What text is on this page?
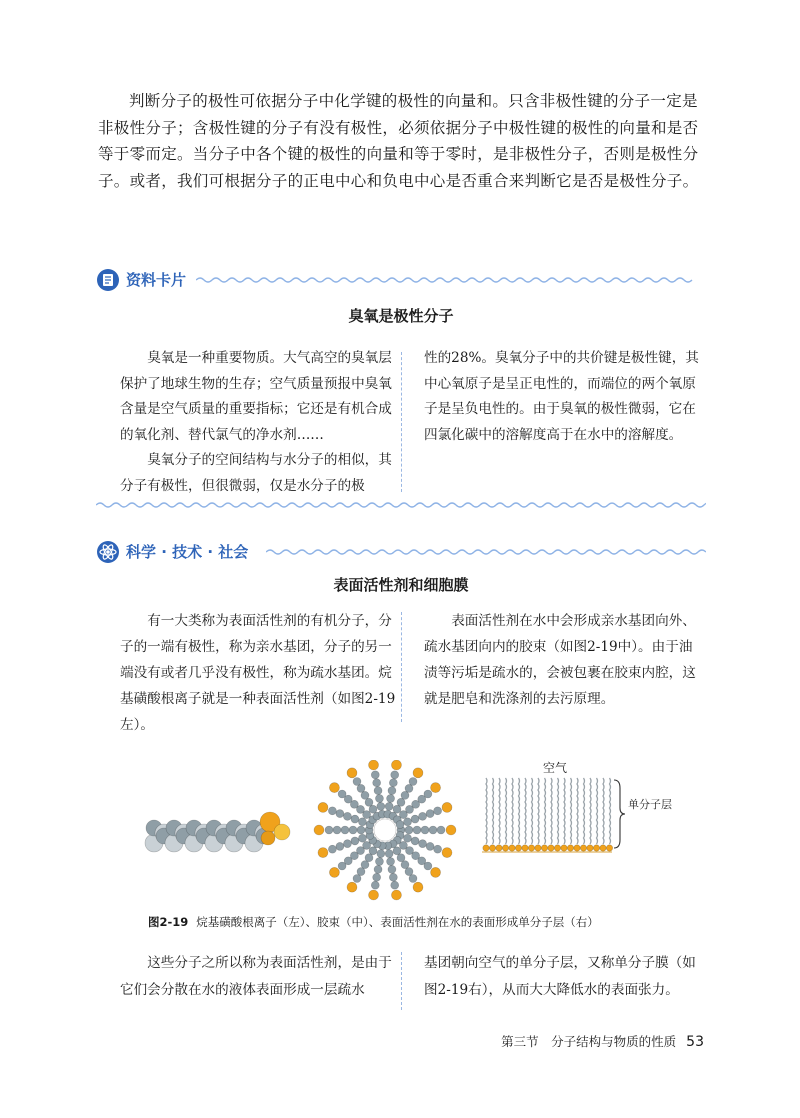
判断分子的极性可依据分子中化学键的极性的向量和。只含非极性键的分子一定是非极性分子；含极性键的分子有没有极性，必须依据分子中极性键的极性的向量和是否等于零而定。当分子中各个键的极性的向量和等于零时，是非极性分子，否则是极性分子。或者，我们可根据分子的正电中心和负电中心是否重合来判断它是否是极性分子。

资料卡片
臭氧是极性分子

臭氧是一种重要物质。大气高空的臭氧层保护了地球生物的生存；空气质量预报中臭氧含量是空气质量的重要指标；它还是有机合成的氧化剂、替代氯气的净水剂……

臭氧分子的空间结构与水分子的相似，其分子有极性，但很微弱，仅是水分子的极

性的28%。臭氧分子中的共价键是极性键，其中心氧原子是呈正电性的，而端位的两个氧原子是呈负电性的。由于臭氧的极性微弱，它在四氯化碳中的溶解度高于在水中的溶解度。

科学 · 技术 · 社会
表面活性剂和细胞膜

有一大类称为表面活性剂的有机分子，分子的一端有极性，称为亲水基团，分子的另一端没有或者几乎没有极性，称为疏水基团。烷基磺酸根离子就是一种表面活性剂（如图2-19左）。

表面活性剂在水中会形成亲水基团向外、疏水基团向内的胶束（如图2-19中）。由于油渍等污垢是疏水的，会被包裹在胶束内腔，这就是肥皂和洗涤剂的去污原理。

空气
单分子层
图2-19 烷基磺酸根离子（左）、胶束（中）、表面活性剂在水的表面形成单分子层（右）

这些分子之所以称为表面活性剂，是由于它们会分散在水的液体表面形成一层疏水

基团朝向空气的单分子层，又称单分子膜（如图2-19右），从而大大降低水的表面张力。

第三节　分子结构与物质的性质 53
